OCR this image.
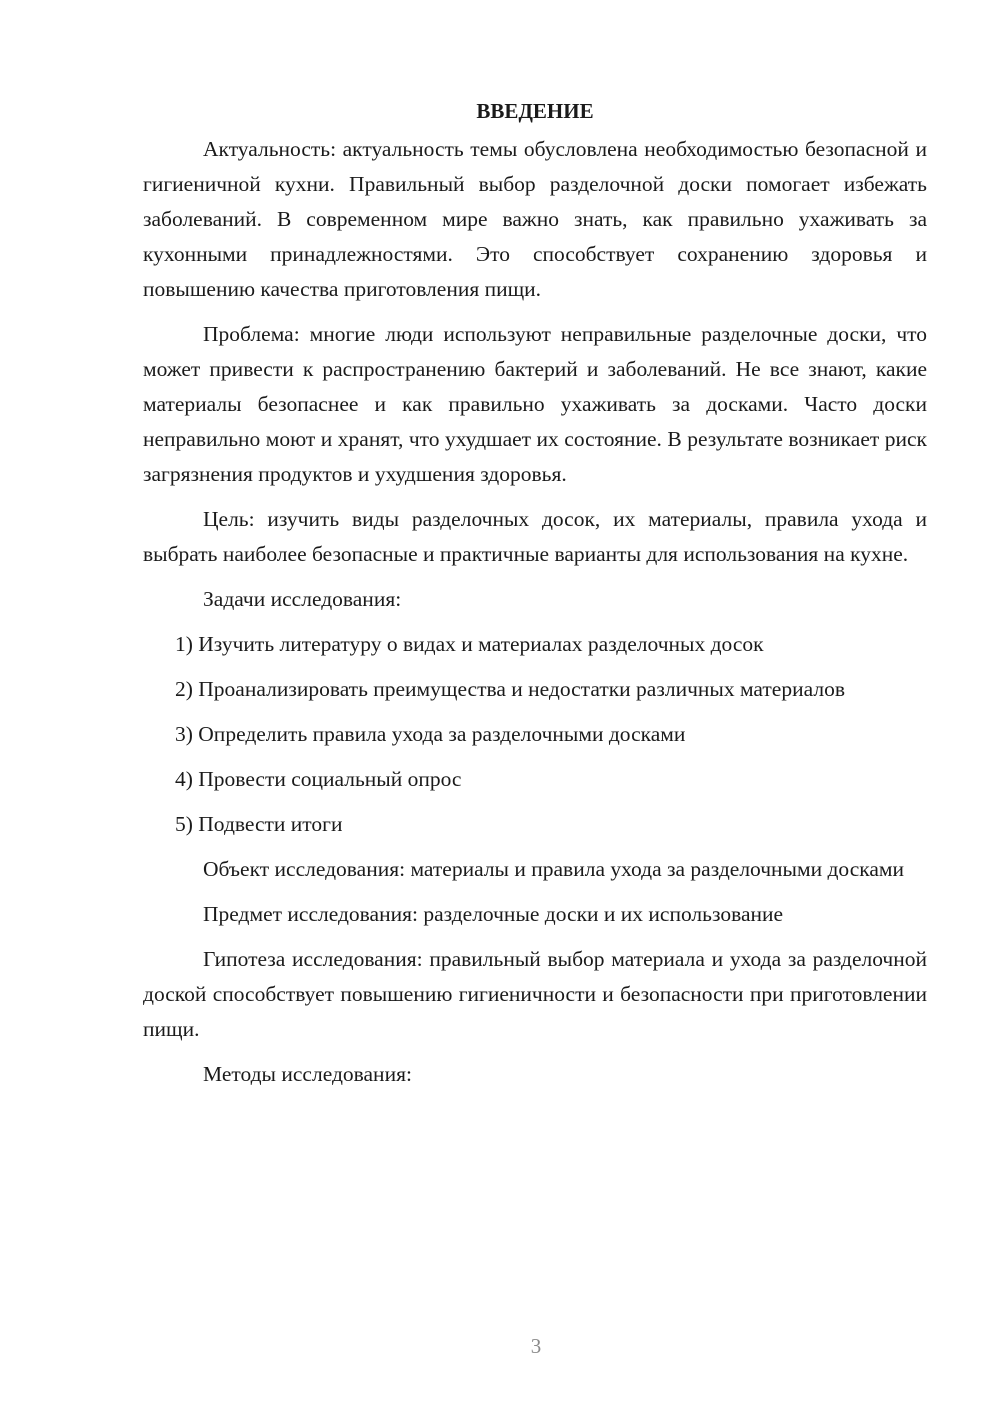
ВВЕДЕНИЕ

Актуальность: актуальность темы обусловлена необходимостью безопасной и гигиеничной кухни. Правильный выбор разделочной доски помогает избежать заболеваний. В современном мире важно знать, как правильно ухаживать за кухонными принадлежностями. Это способствует сохранению здоровья и повышению качества приготовления пищи.

Проблема: многие люди используют неправильные разделочные доски, что может привести к распространению бактерий и заболеваний. Не все знают, какие материалы безопаснее и как правильно ухаживать за досками. Часто доски неправильно моют и хранят, что ухудшает их состояние. В результате возникает риск загрязнения продуктов и ухудшения здоровья.

Цель: изучить виды разделочных досок, их материалы, правила ухода и выбрать наиболее безопасные и практичные варианты для использования на кухне.

Задачи исследования:

1) Изучить литературу о видах и материалах разделочных досок

2) Проанализировать преимущества и недостатки различных материалов

3) Определить правила ухода за разделочными досками

4) Провести социальный опрос

5) Подвести итоги

Объект исследования: материалы и правила ухода за разделочными досками

Предмет исследования: разделочные доски и их использование

Гипотеза исследования: правильный выбор материала и ухода за разделочной доской способствует повышению гигиеничности и безопасности при приготовлении пищи.

Методы исследования:

3
